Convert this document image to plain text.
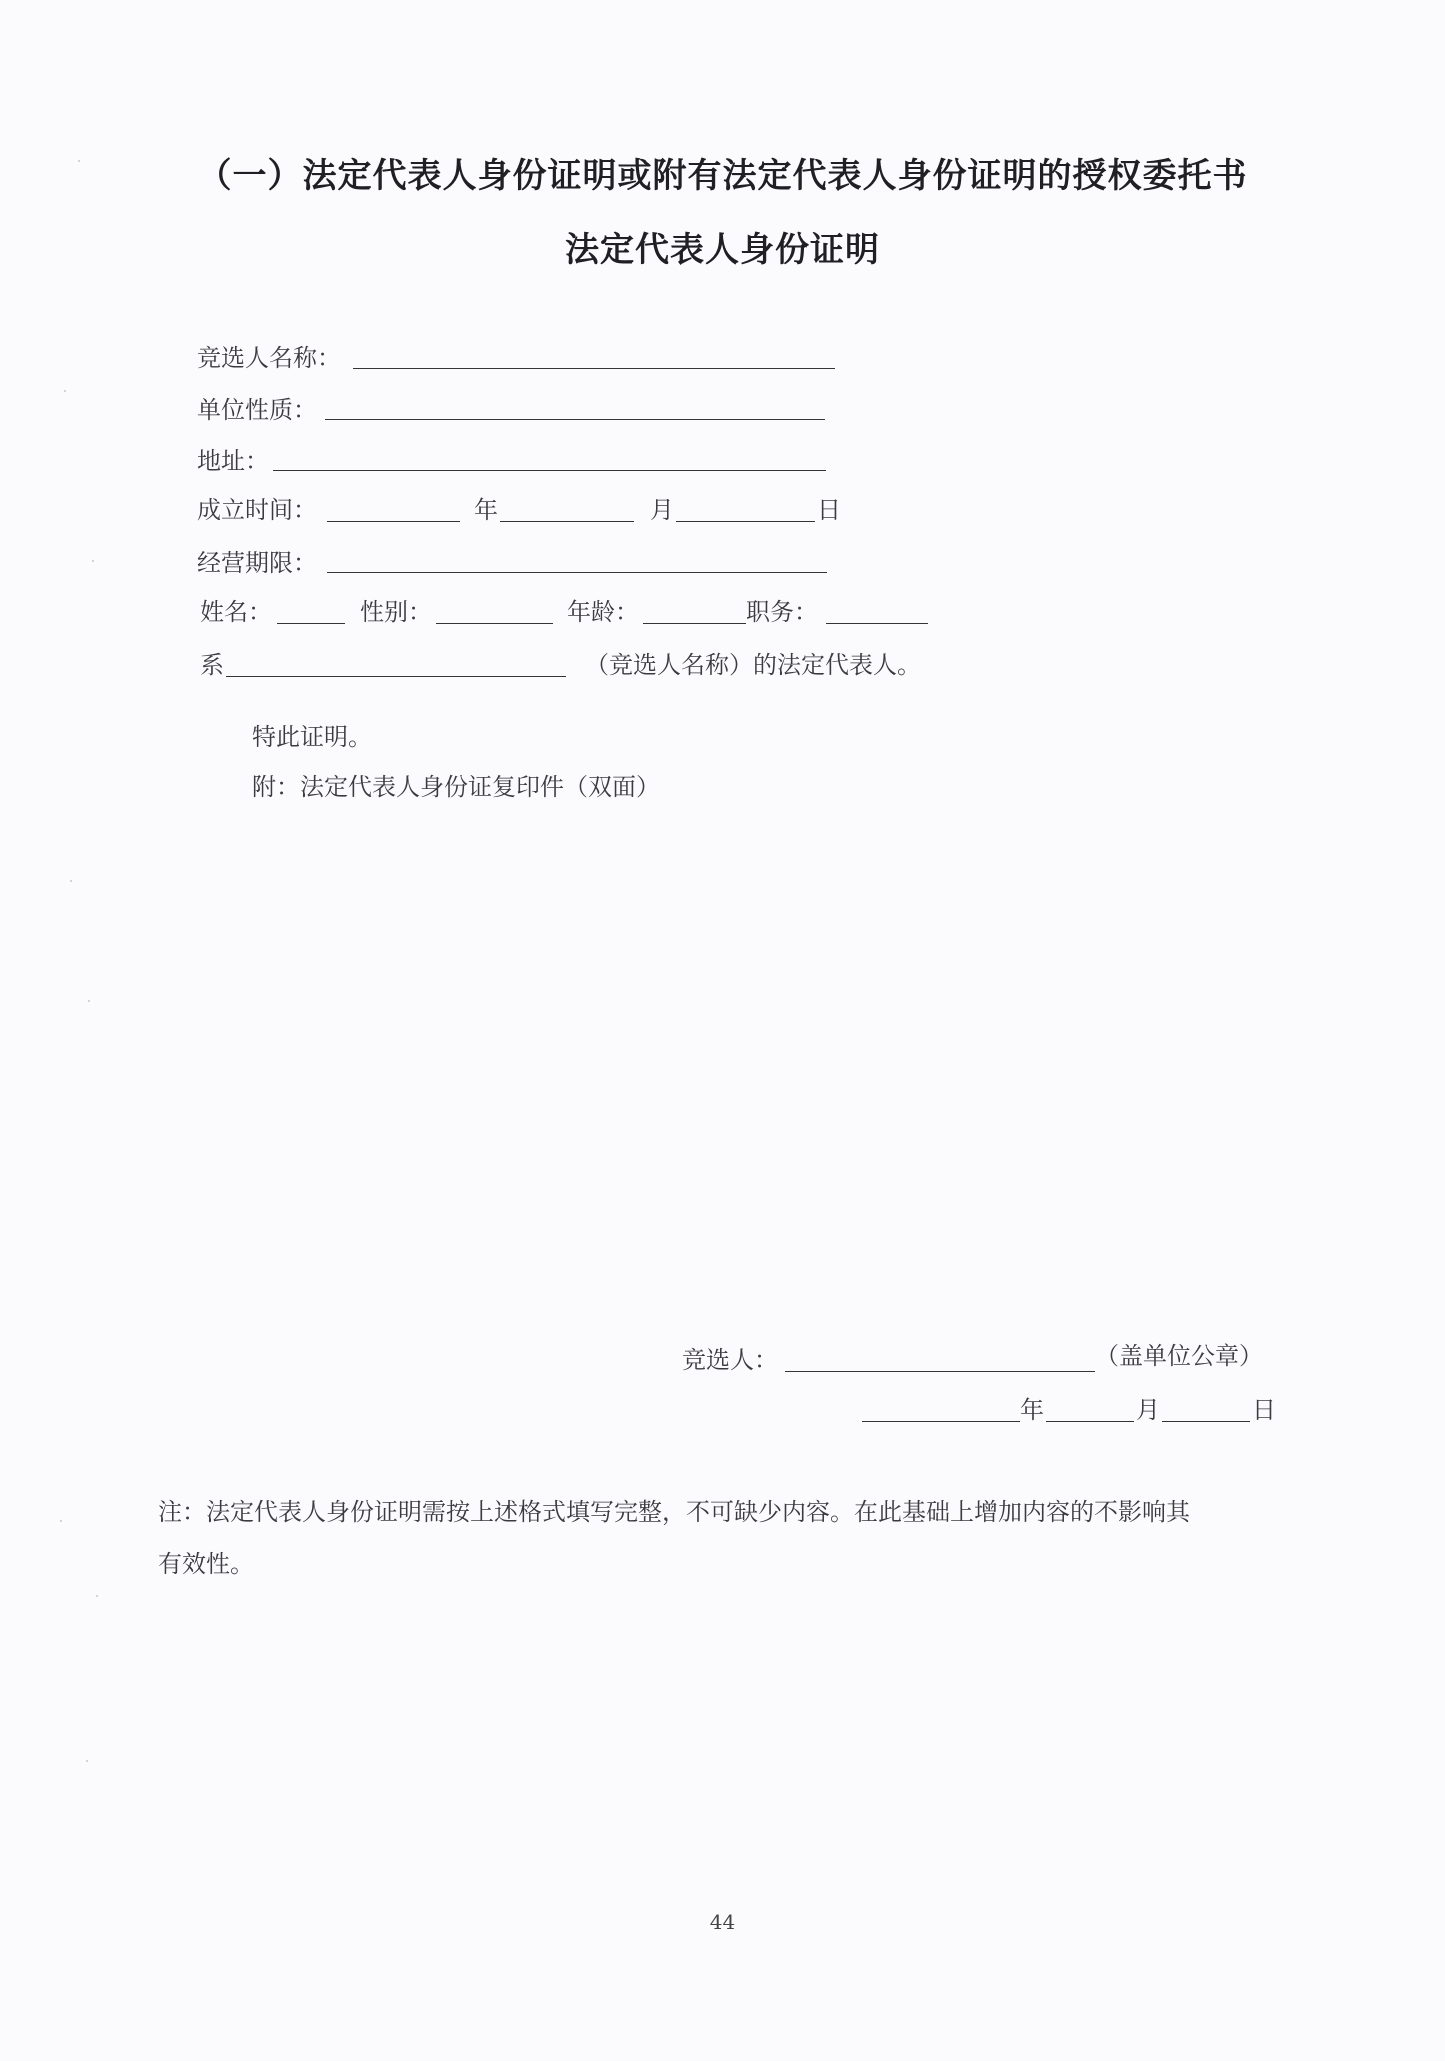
（一）法定代表人身份证明或附有法定代表人身份证明的授权委托书
法定代表人身份证明
竞选人名称：
单位性质：
地址：
成立时间：	年	月	日
经营期限：
姓名：	性别：	年龄：	职务：
系	（竞选人名称）的法定代表人。
特此证明。
附：法定代表人身份证复印件（双面）
竞选人：	（盖单位公章）
年	月	日
注：法定代表人身份证明需按上述格式填写完整，不可缺少内容。在此基础上增加内容的不影响其
有效性。
44
